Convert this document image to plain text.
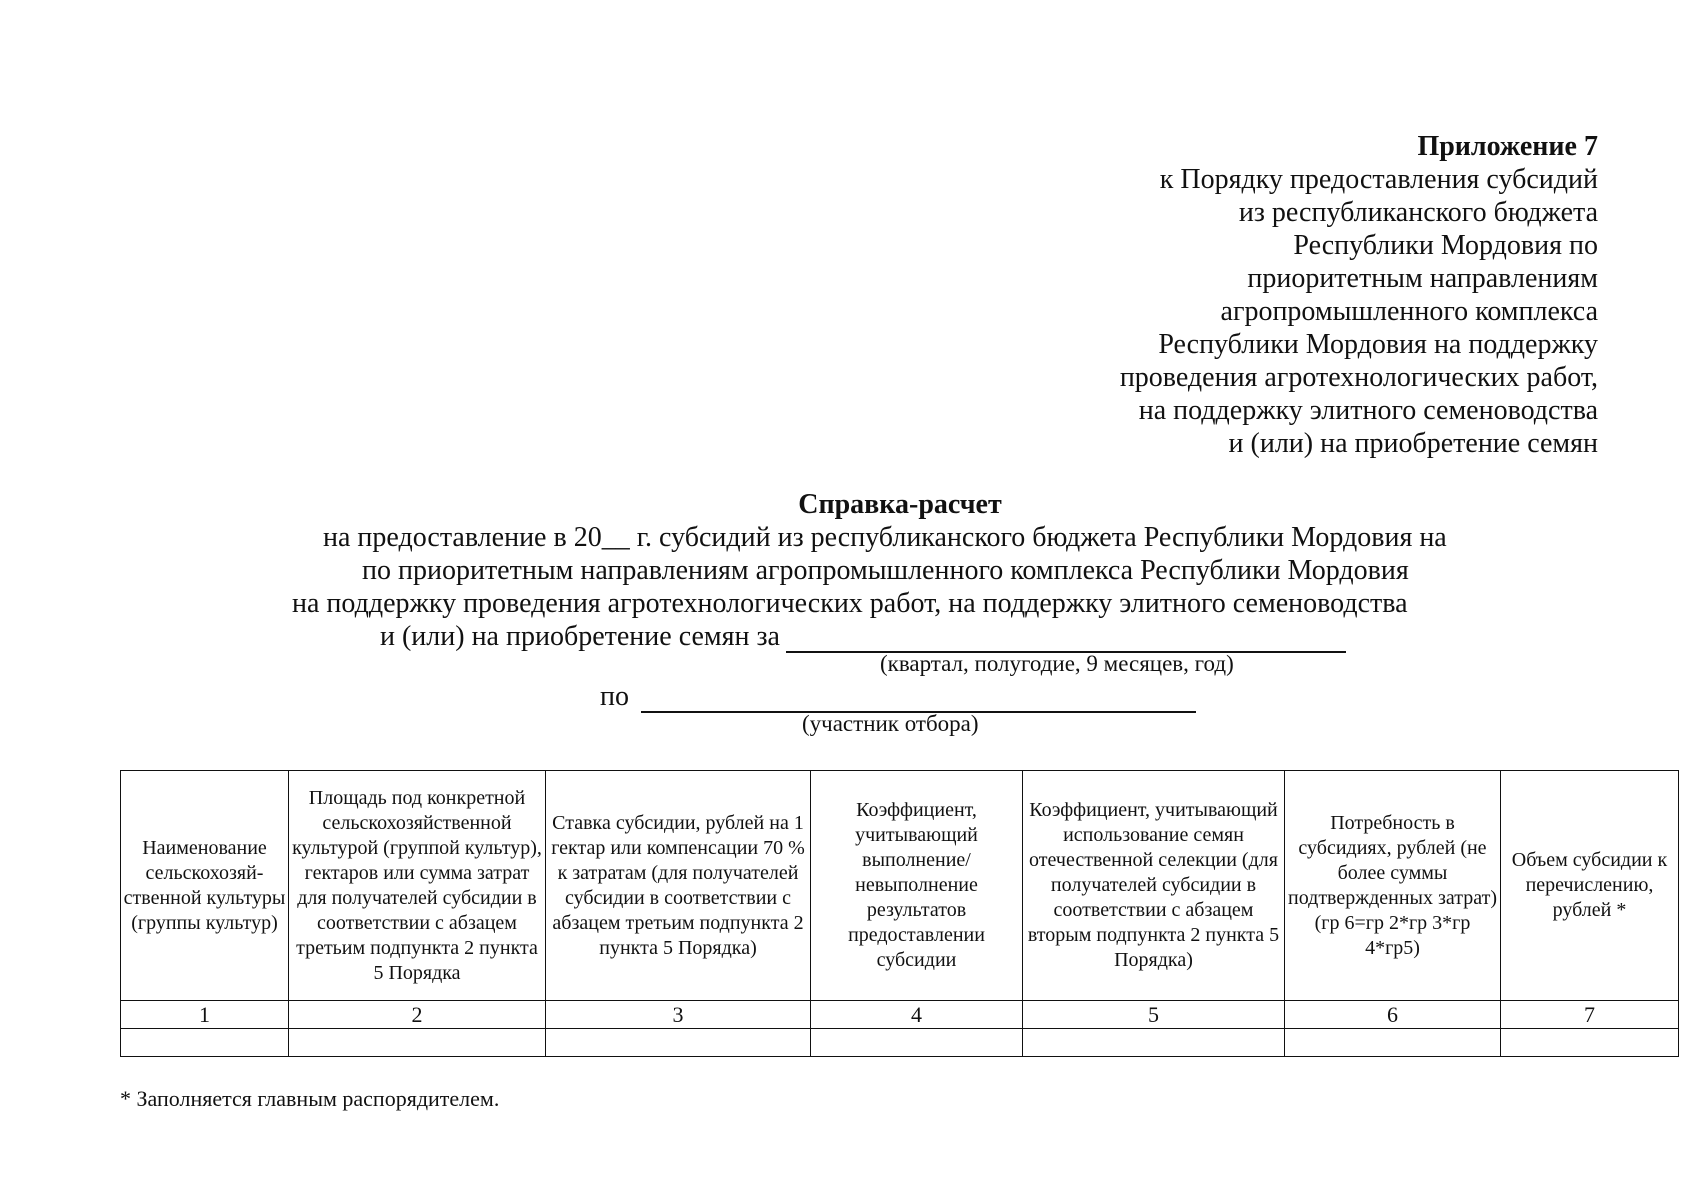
Приложение 7
к Порядку предоставления субсидий
из республиканского бюджета
Республики Мордовия по
приоритетным направлениям
агропромышленного комплекса
Республики Мордовия на поддержку
проведения агротехнологических работ,
на поддержку элитного семеноводства
и (или) на приобретение семян
Справка-расчет
на предоставление в 20__ г. субсидий из республиканского бюджета Республики Мордовия на
по приоритетным направлениям агропромышленного комплекса Республики Мордовия
на поддержку проведения агротехнологических работ, на поддержку элитного семеноводства
и (или) на приобретение семян за
(квартал, полугодие, 9 месяцев, год)
по
(участник отбора)
Наименование сельскохозяй-ственной культуры (группы культур)	Площадь под конкретной сельскохозяйственной культурой (группой культур), гектаров или сумма затрат для получателей субсидии в соответствии с абзацем третьим подпункта 2 пункта 5 Порядка	Ставка субсидии, рублей на 1 гектар или компенсации 70 % к затратам (для получателей субсидии в соответствии с абзацем третьим подпункта 2 пункта 5 Порядка)	Коэффициент, учитывающий выполнение/ невыполнение результатов предоставлении субсидии	Коэффициент, учитывающий использование семян отечественной селекции (для получателей субсидии в соответствии с абзацем вторым подпункта 2 пункта 5 Порядка)	Потребность в субсидиях, рублей (не более суммы подтвержденных затрат) (гр 6=гр 2*гр 3*гр 4*гр5)	Объем субсидии к перечислению, рублей *
1	2	3	4	5	6	7

* Заполняется главным распорядителем.
